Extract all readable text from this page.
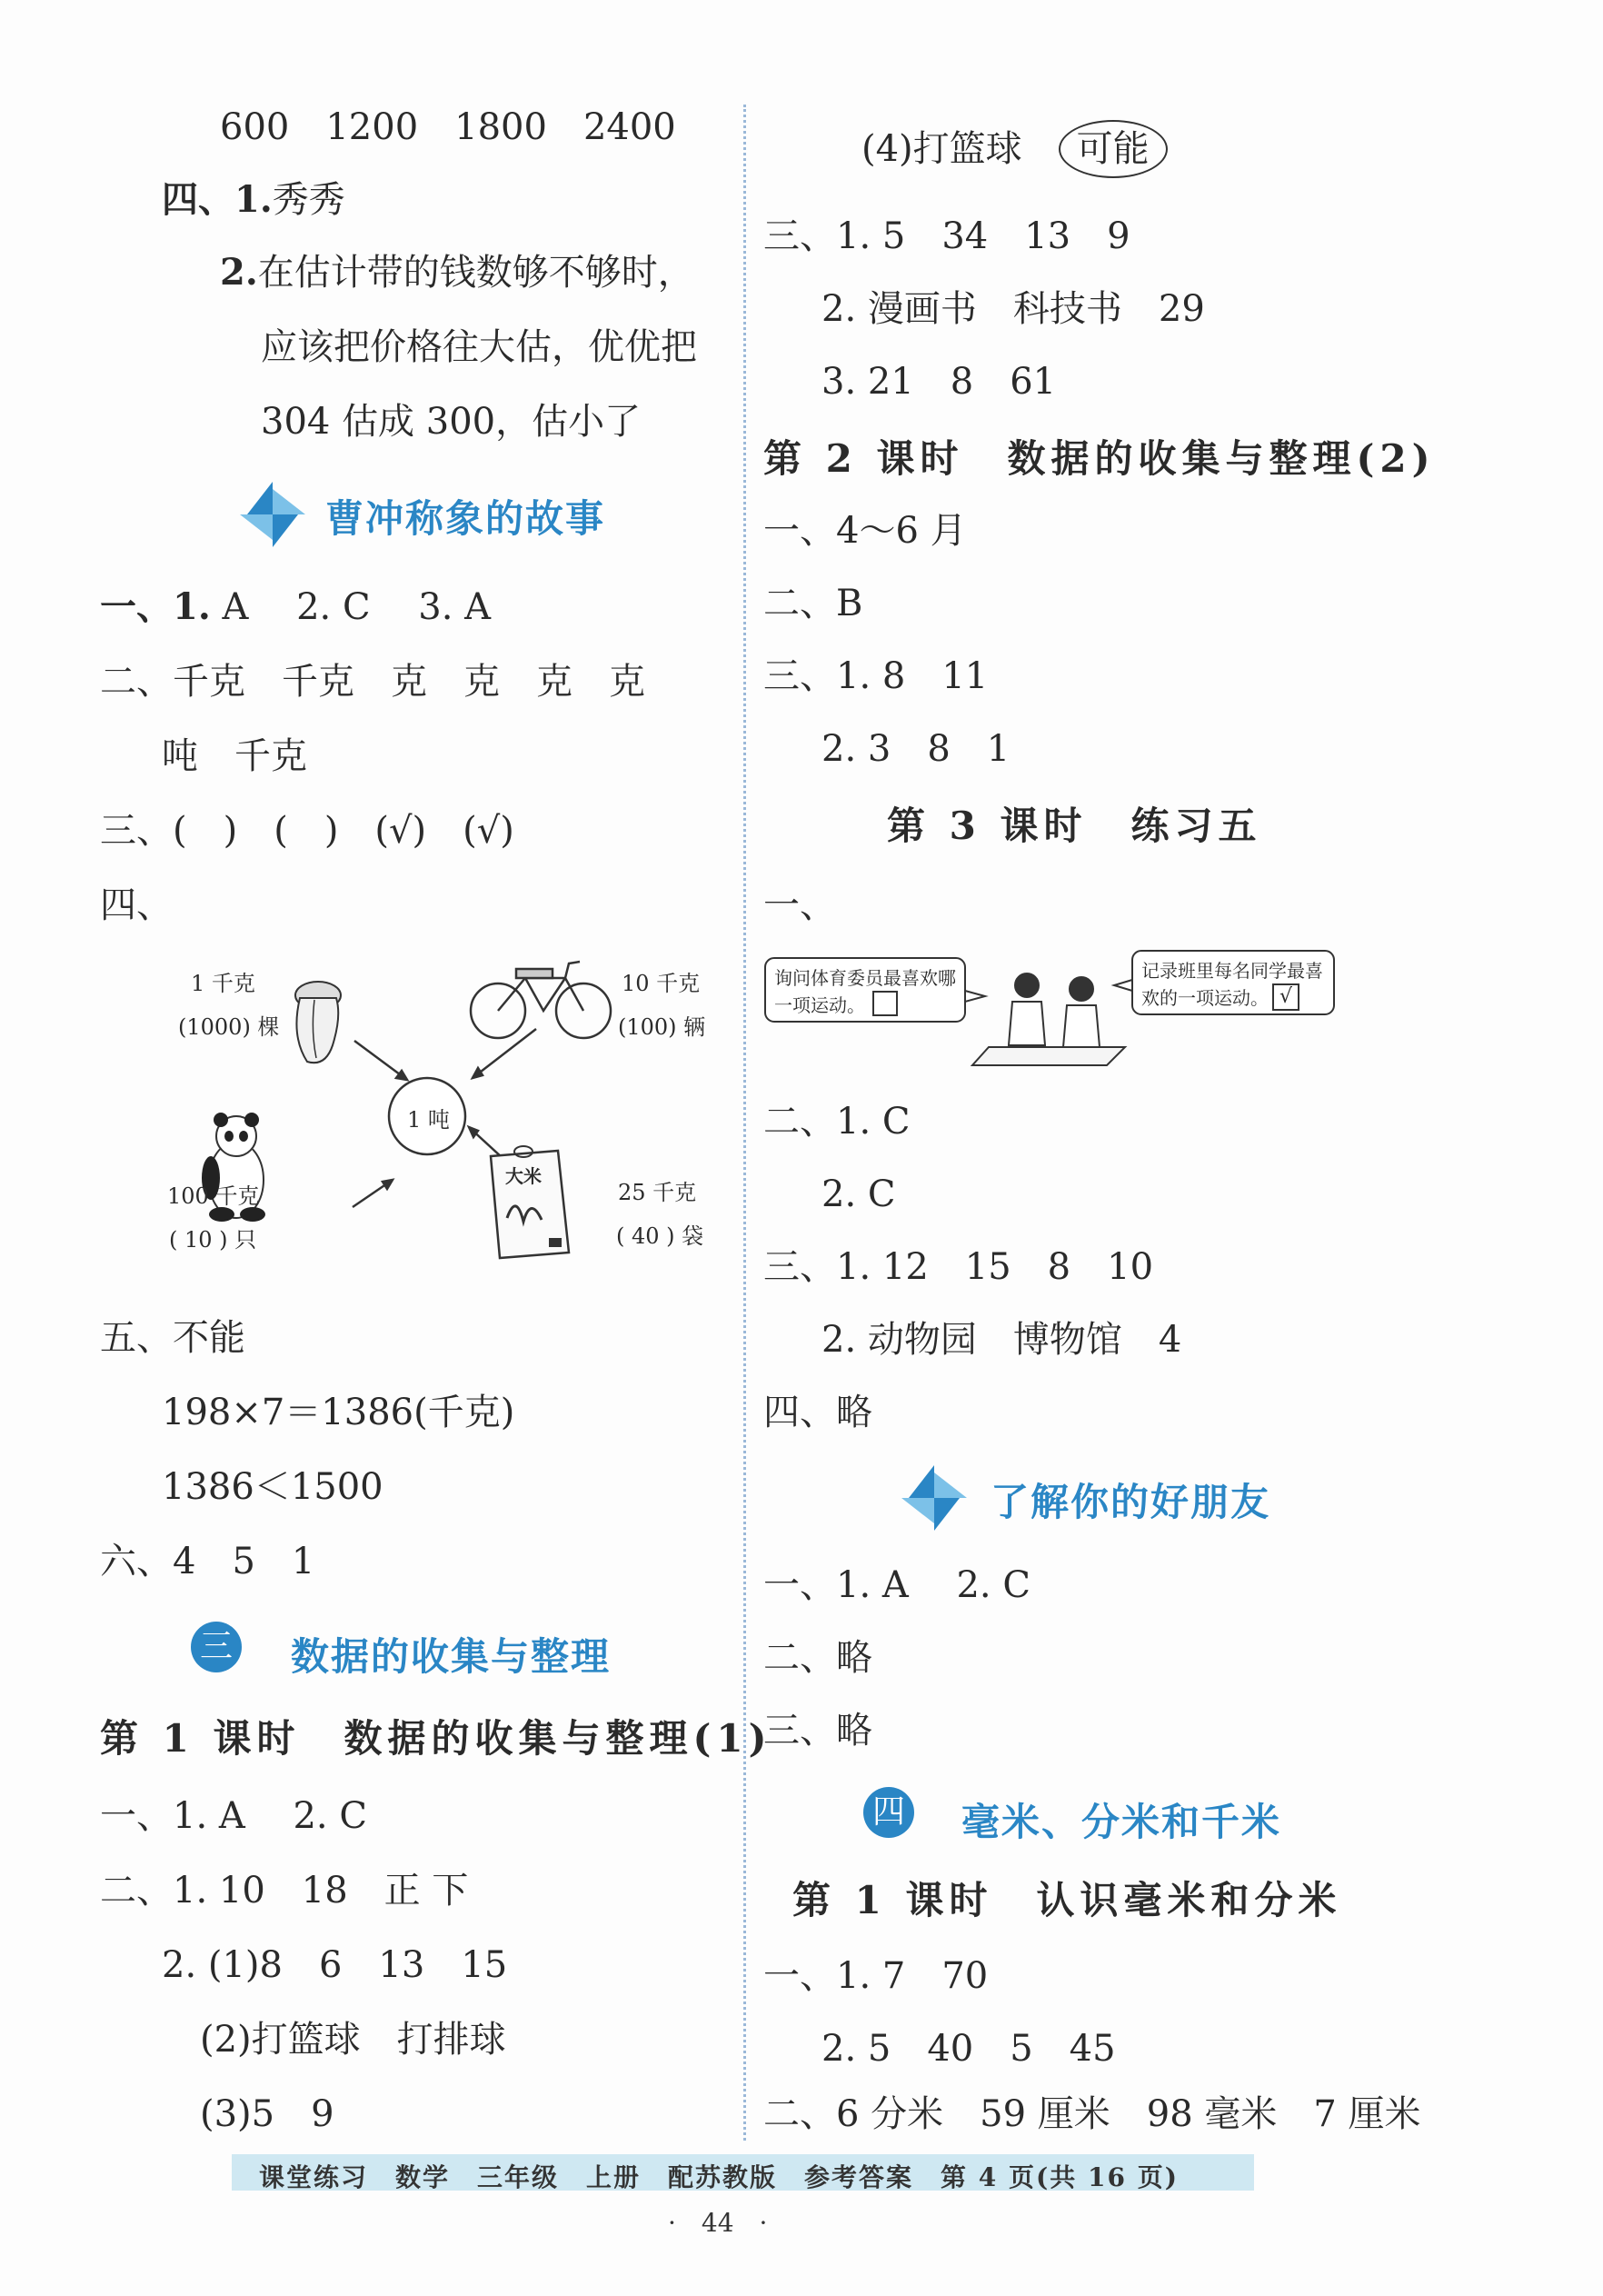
600　1200　1800　2400
四、1.秀秀
2.在估计带的钱数够不够时，
应该把价格往大估，优优把
304 估成 300，估小了
曹冲称象的故事
一、1. A　 2. C　 3. A
二、千克　千克　克　克　克　克
吨　千克
三、(　)　(　)　(√)　(√)
四、
1 吨
1 千克
(1000) 棵
10 千克
(100) 辆
100 千克
( 10 ) 只
25 千克
( 40 ) 袋
大米
五、不能
198×7＝1386(千克)
1386＜1500
六、4　5　1
三 数据的收集与整理
第 1 课时　数据的收集与整理(1)
一、1. A　 2. C
二、1. 10　18　正 下
2. (1)8　6　13　15
(2)打篮球　打排球
(3)5　9
(4)打篮球 可能
三、1. 5　34　13　9
2. 漫画书　科技书　29
3. 21　8　61
第 2 课时　数据的收集与整理(2)
一、4～6 月
二、B
三、1. 8　11
2. 3　8　1
第 3 课时　练习五
一、
询问体育委员最喜欢哪
一项运动。
记录班里每名同学最喜
欢的一项运动。 √
二、1. C
2. C
三、1. 12　15　8　10
2. 动物园　博物馆　4
四、略
了解你的好朋友
一、1. A　 2. C
二、略
三、略
四 毫米、分米和千米
第 1 课时　认识毫米和分米
一、1. 7　70
2. 5　40　5　45
二、6 分米　59 厘米　98 毫米　7 厘米
课堂练习　数学　三年级　上册　配苏教版　参考答案　第 4 页(共 16 页)
·　44　·
